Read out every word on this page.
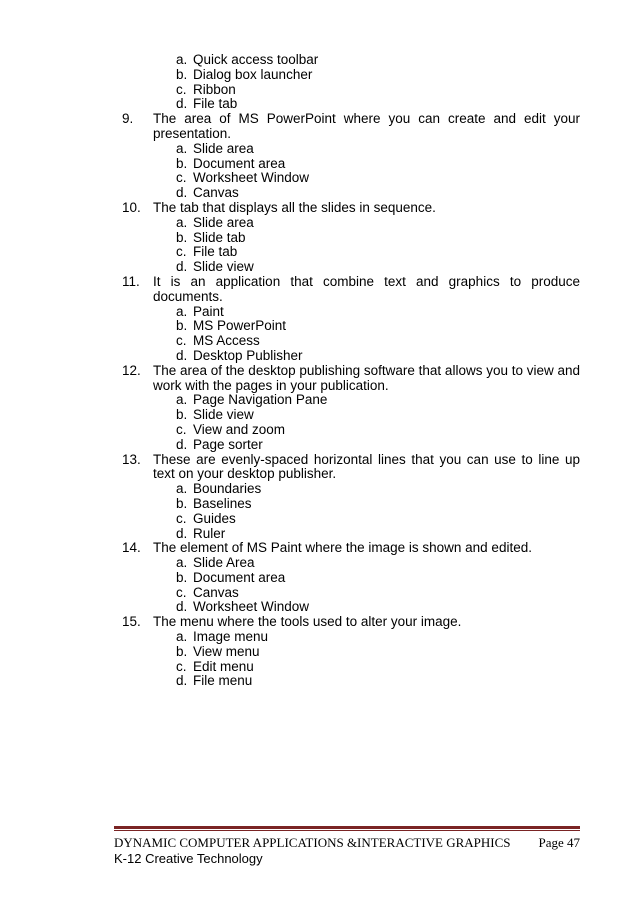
a. Quick access toolbar
b. Dialog box launcher
c. Ribbon
d. File tab
9. The area of MS PowerPoint where you can create and edit your presentation.
a. Slide area
b. Document area
c. Worksheet Window
d. Canvas
10. The tab that displays all the slides in sequence.
a. Slide area
b. Slide tab
c. File tab
d. Slide view
11. It is an application that combine text and graphics to produce documents.
a. Paint
b. MS PowerPoint
c. MS Access
d. Desktop Publisher
12. The area of the desktop publishing software that allows you to view and work with the pages in your publication.
a. Page Navigation Pane
b. Slide view
c. View and zoom
d. Page sorter
13. These are evenly-spaced horizontal lines that you can use to line up text on your desktop publisher.
a. Boundaries
b. Baselines
c. Guides
d. Ruler
14. The element of MS Paint where the image is shown and edited.
a. Slide Area
b. Document area
c. Canvas
d. Worksheet Window
15. The menu where the tools used to alter your image.
a. Image menu
b. View menu
c. Edit menu
d. File menu
DYNAMIC COMPUTER APPLICATIONS &INTERACTIVE GRAPHICS Page 47
K-12 Creative Technology
